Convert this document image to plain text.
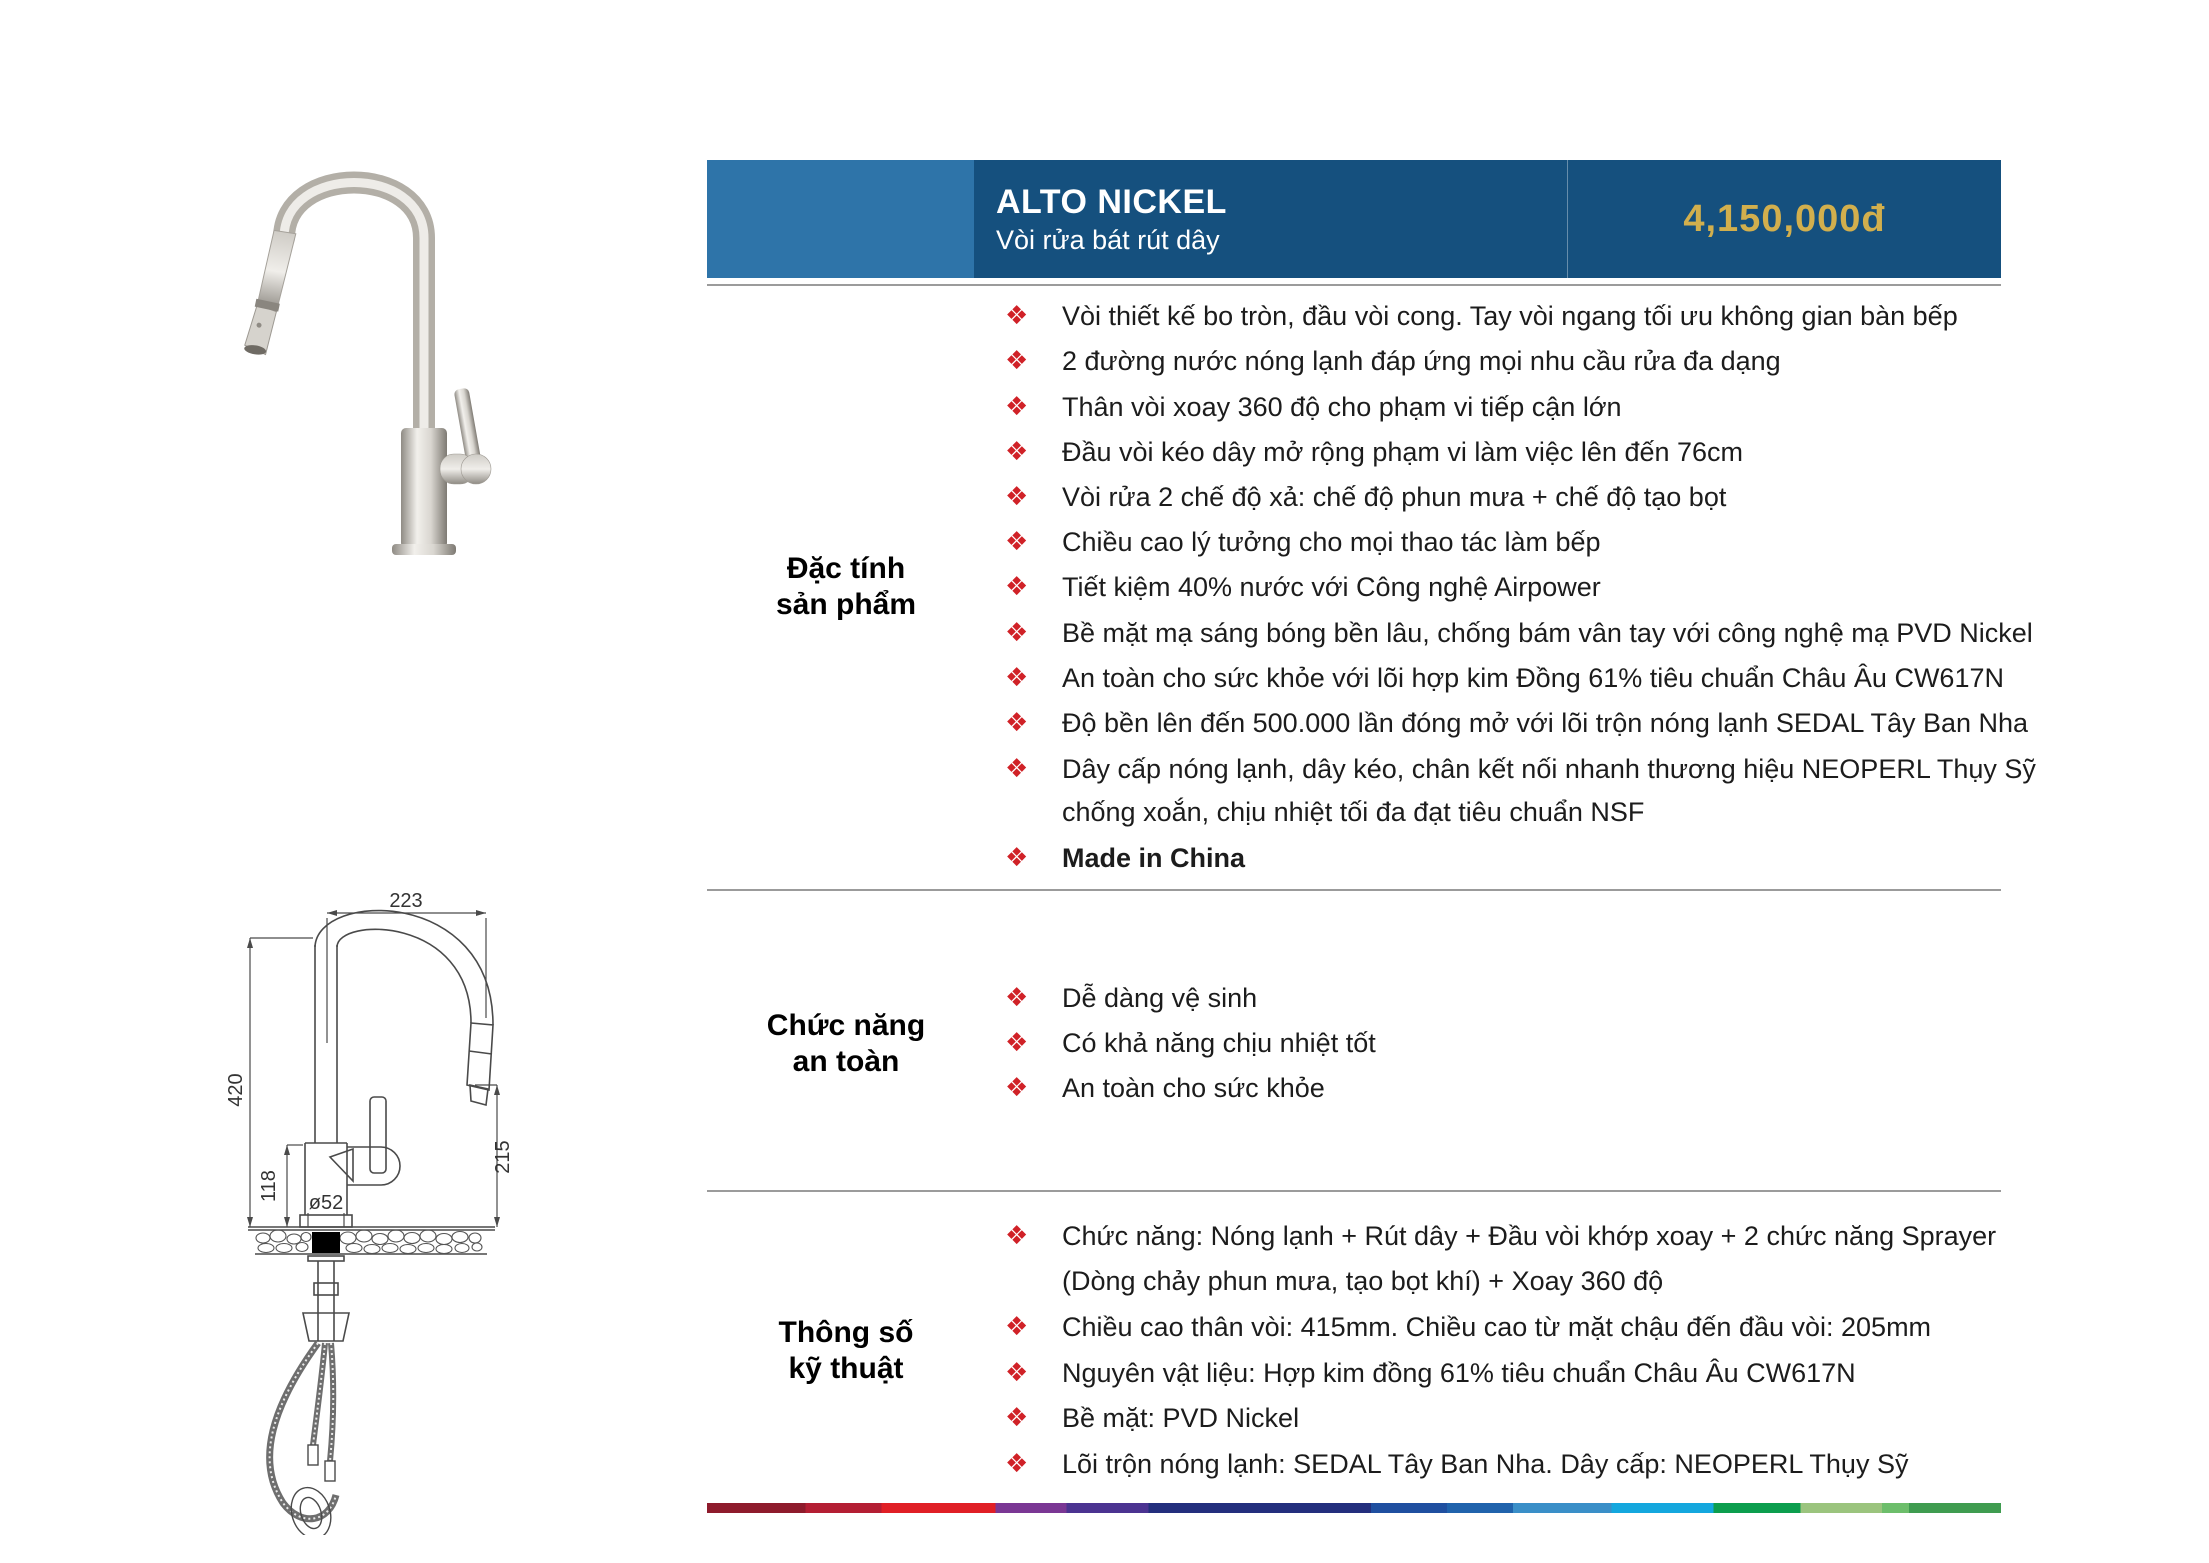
ALTO NICKEL
Vòi rửa bát rút dây
4,150,000đ
Đặc tính
sản phẩm
❖ Vòi thiết kế bo tròn, đầu vòi cong. Tay vòi ngang tối ưu không gian bàn bếp
❖ 2 đường nước nóng lạnh đáp ứng mọi nhu cầu rửa đa dạng
❖ Thân vòi xoay 360 độ cho phạm vi tiếp cận lớn
❖ Đầu vòi kéo dây mở rộng phạm vi làm việc lên đến 76cm
❖ Vòi rửa 2 chế độ xả: chế độ phun mưa + chế độ tạo bọt
❖ Chiều cao lý tưởng cho mọi thao tác làm bếp
❖ Tiết kiệm 40% nước với Công nghệ Airpower
❖ Bề mặt mạ sáng bóng bền lâu, chống bám vân tay với công nghệ mạ PVD Nickel
❖ An toàn cho sức khỏe với lõi hợp kim Đồng 61% tiêu chuẩn Châu Âu CW617N
❖ Độ bền lên đến 500.000 lần đóng mở với lõi trộn nóng lạnh SEDAL Tây Ban Nha
❖ Dây cấp nóng lạnh, dây kéo, chân kết nối nhanh thương hiệu NEOPERL Thụy Sỹ
chống xoắn, chịu nhiệt tối đa đạt tiêu chuẩn NSF
❖ Made in China
Chức năng
an toàn
❖ Dễ dàng vệ sinh
❖ Có khả năng chịu nhiệt tốt
❖ An toàn cho sức khỏe
Thông số
kỹ thuật
❖ Chức năng: Nóng lạnh + Rút dây + Đầu vòi khớp xoay + 2 chức năng Sprayer
(Dòng chảy phun mưa, tạo bọt khí) + Xoay 360 độ
❖ Chiều cao thân vòi: 415mm. Chiều cao từ mặt chậu đến đầu vòi: 205mm
❖ Nguyên vật liệu: Hợp kim đồng 61% tiêu chuẩn Châu Âu CW617N
❖ Bề mặt: PVD Nickel
❖ Lõi trộn nóng lạnh: SEDAL Tây Ban Nha. Dây cấp: NEOPERL Thụy Sỹ
223
420
118
215
ø52
